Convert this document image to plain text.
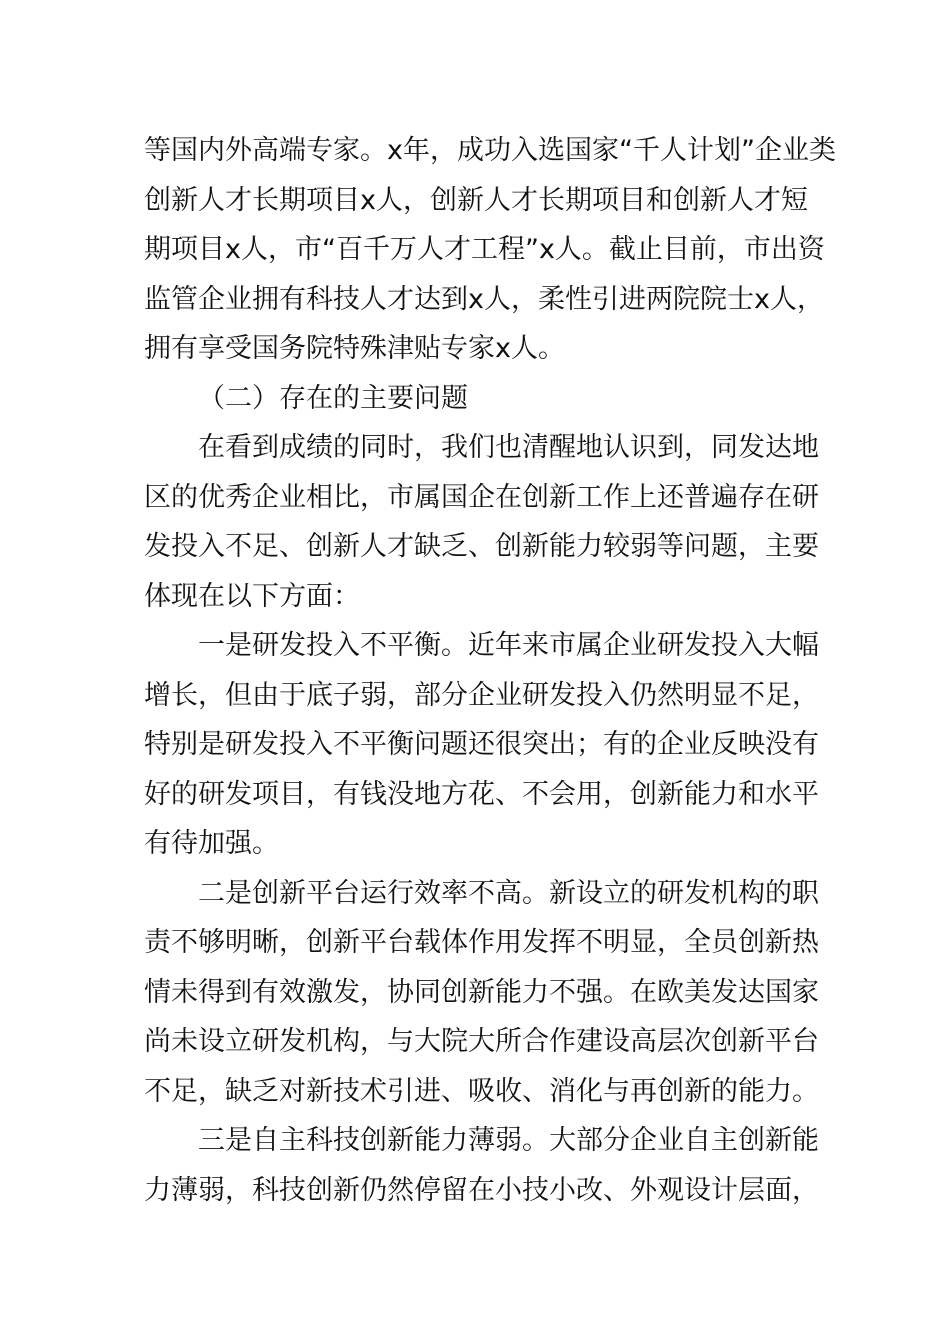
等国内外高端专家。x年，成功入选国家“千人计划”企业类
创新人才长期项目x人，创新人才长期项目和创新人才短
期项目x人，市“百千万人才工程”x人。截止目前，市出资
监管企业拥有科技人才达到x人，柔性引进两院院士x人，
拥有享受国务院特殊津贴专家x人。
（二）存在的主要问题
在看到成绩的同时，我们也清醒地认识到，同发达地
区的优秀企业相比，市属国企在创新工作上还普遍存在研
发投入不足、创新人才缺乏、创新能力较弱等问题，主要
体现在以下方面：
一是研发投入不平衡。近年来市属企业研发投入大幅
增长，但由于底子弱，部分企业研发投入仍然明显不足，
特别是研发投入不平衡问题还很突出；有的企业反映没有
好的研发项目，有钱没地方花、不会用，创新能力和水平
有待加强。
二是创新平台运行效率不高。新设立的研发机构的职
责不够明晰，创新平台载体作用发挥不明显，全员创新热
情未得到有效激发，协同创新能力不强。在欧美发达国家
尚未设立研发机构，与大院大所合作建设高层次创新平台
不足，缺乏对新技术引进、吸收、消化与再创新的能力。
三是自主科技创新能力薄弱。大部分企业自主创新能
力薄弱，科技创新仍然停留在小技小改、外观设计层面，
